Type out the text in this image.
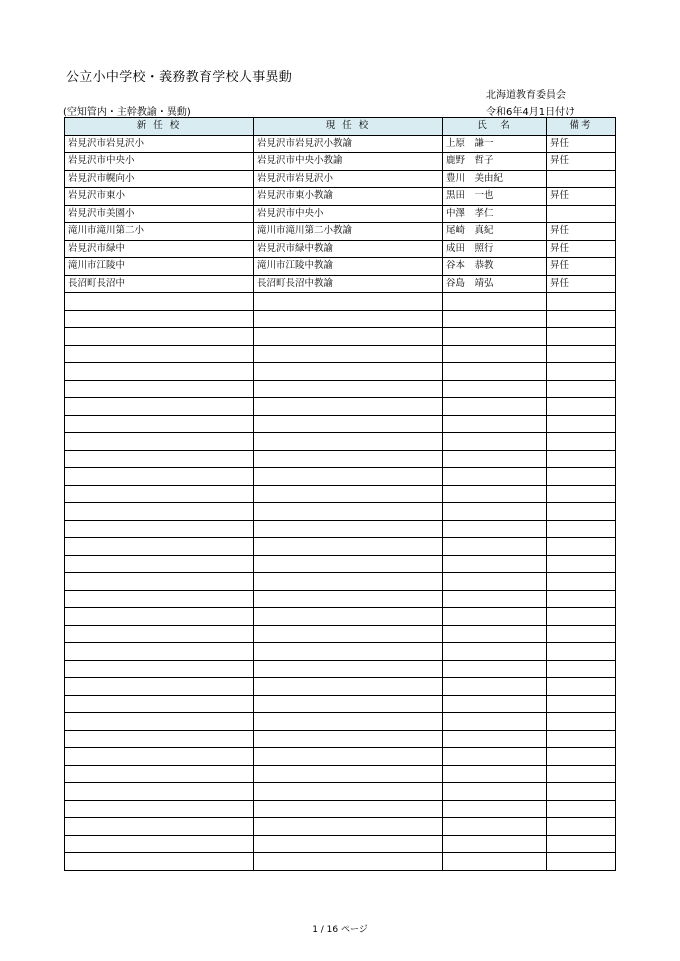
公立小中学校・義務教育学校人事異動
北海道教育委員会
(空知管内・主幹教諭・異動)	令和6年4月1日付け
新 任 校	現 任 校	氏　名	備考
岩見沢市岩見沢小	岩見沢市岩見沢小教諭	上原　謙一	昇任
岩見沢市中央小	岩見沢市中央小教諭	鹿野　哲子	昇任
岩見沢市幌向小	岩見沢市岩見沢小	豊川　美由紀	
岩見沢市東小	岩見沢市東小教諭	黒田　一也	昇任
岩見沢市美園小	岩見沢市中央小	中澤　孝仁	
滝川市滝川第二小	滝川市滝川第二小教諭	尾崎　真紀	昇任
岩見沢市緑中	岩見沢市緑中教諭	成田　照行	昇任
滝川市江陵中	滝川市江陵中教諭	谷本　恭教	昇任
長沼町長沼中	長沼町長沼中教諭	谷島　靖弘	昇任

1 / 16 ページ
